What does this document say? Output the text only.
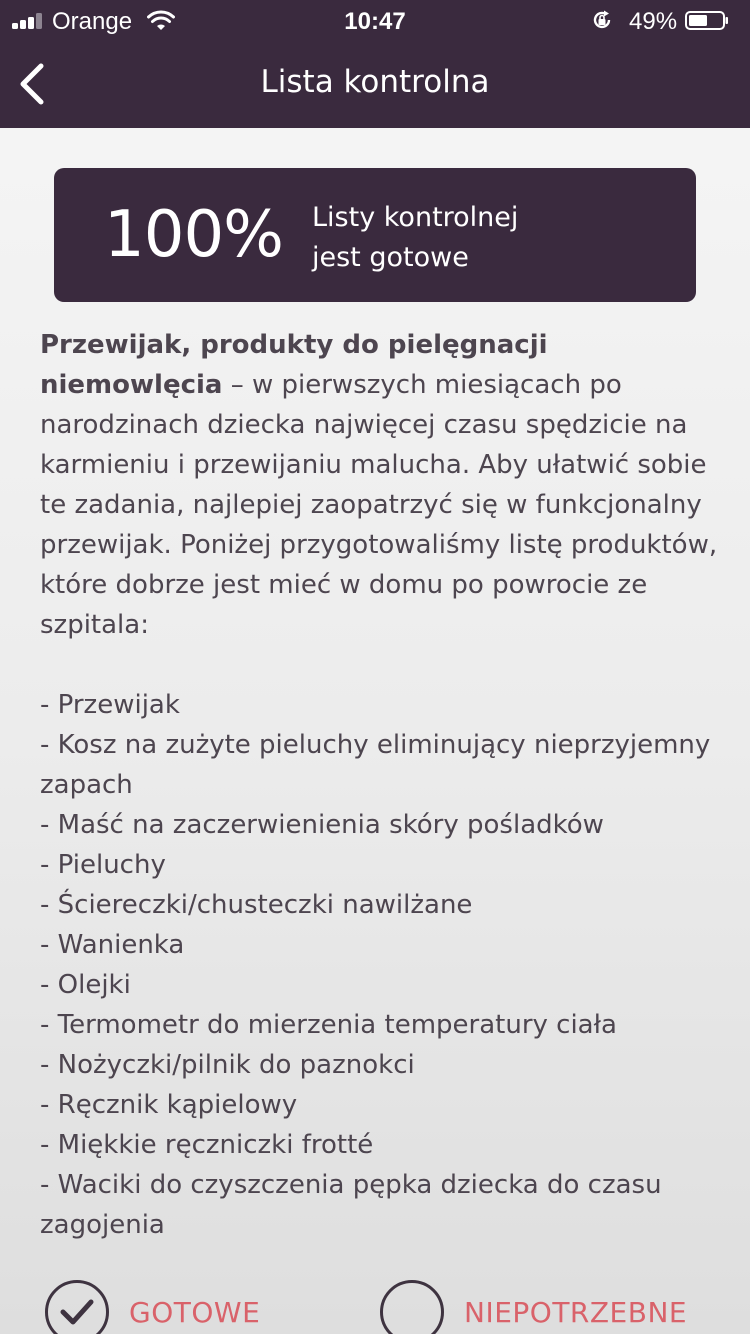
Orange	10:47	49%
Lista kontrolna
100% Listy kontrolnej
jest gotowe

Przewijak, produkty do pielęgnacji niemowlęcia – w pierwszych miesiącach po narodzinach dziecka najwięcej czasu spędzicie na karmieniu i przewijaniu malucha. Aby ułatwić sobie te zadania, najlepiej zaopatrzyć się w funkcjonalny przewijak. Poniżej przygotowaliśmy listę produktów, które dobrze jest mieć w domu po powrocie ze szpitala:

- Przewijak
- Kosz na zużyte pieluchy eliminujący nieprzyjemny zapach
- Maść na zaczerwienienia skóry pośladków
- Pieluchy
- Ściereczki/chusteczki nawilżane
- Wanienka
- Olejki
- Termometr do mierzenia temperatury ciała
- Nożyczki/pilnik do paznokci
- Ręcznik kąpielowy
- Miękkie ręczniczki frotté
- Waciki do czyszczenia pępka dziecka do czasu zagojenia
GOTOWE	NIEPOTRZEBNE
